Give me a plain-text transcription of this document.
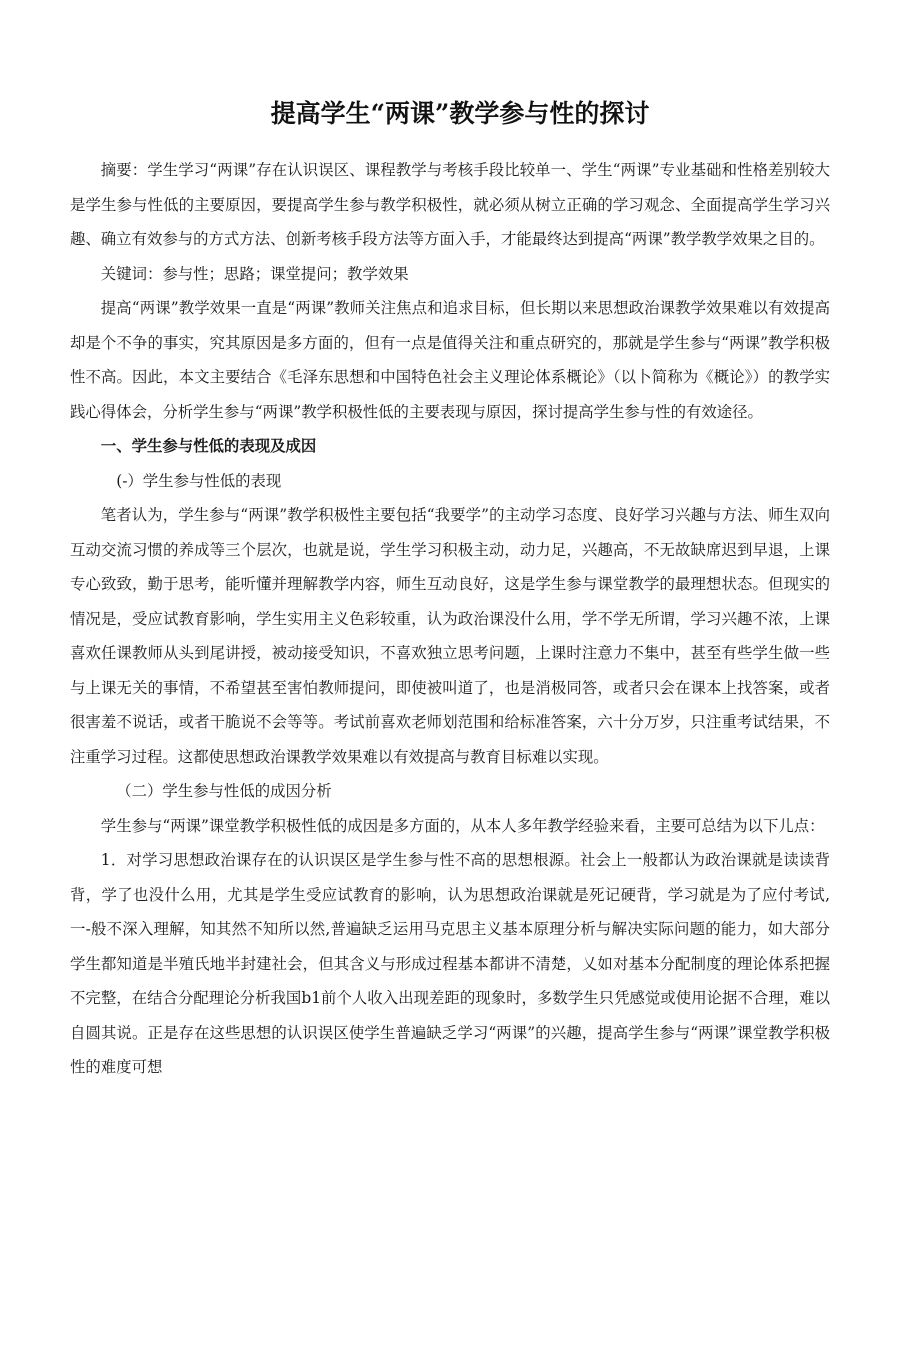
提高学生“两课”教学参与性的探讨

摘要：学生学习“两课”存在认识误区、课程教学与考核手段比较单一、学生“两课”专业基础和性格差别较大是学生参与性低的主要原因，要提高学生参与教学积极性，就必须从树立正确的学习观念、全面提高学生学习兴趣、确立有效参与的方式方法、创新考核手段方法等方面入手，才能最终达到提高“两课”教学教学效果之目的。

关键词：参与性；思路；课堂提问；教学效果

提高“两课”教学效果一直是“两课”教师关注焦点和追求目标，但长期以来思想政治课教学效果难以有效提高却是个不争的事实，究其原因是多方面的，但有一点是值得关注和重点研究的，那就是学生参与“两课”教学积极性不高。因此，本文主要结合《毛泽东思想和中国特色社会主义理论体系概论》（以卜简称为《概论》）的教学实践心得体会，分析学生参与“两课”教学积极性低的主要表现与原因，探讨提高学生参与性的有效途径。

一、学生参与性低的表现及成因

(-）学生参与性低的表现

笔者认为，学生参与“两课”教学积极性主要包括“我要学”的主动学习态度、良好学习兴趣与方法、师生双向互动交流习惯的养成等三个层次，也就是说，学生学习积极主动，动力足，兴趣高，不无故缺席迟到早退，上课专心致致，勤于思考，能听懂并理解教学内容，师生互动良好，这是学生参与课堂教学的最理想状态。但现实的情况是，受应试教育影响，学生实用主义色彩较重，认为政治课没什么用，学不学无所谓，学习兴趣不浓，上课喜欢任课教师从头到尾讲授，被动接受知识，不喜欢独立思考问题，上课时注意力不集中，甚至有些学生做一些与上课无关的事情，不希望甚至害怕教师提问，即使被叫道了，也是消极同答，或者只会在课本上找答案，或者很害羞不说话，或者干脆说不会等等。考试前喜欢老师划范围和给标准答案，六十分万岁，只注重考试结果，不注重学习过程。这都使思想政治课教学效果难以有效提高与教育目标难以实现。

（二）学生参与性低的成因分析

学生参与“两课”课堂教学积极性低的成因是多方面的，从本人多年教学经验来看，主要可总结为以下儿点：

1．对学习思想政治课存在的认识误区是学生参与性不高的思想根源。社会上一般都认为政治课就是读读背背，学了也没什么用，尤其是学生受应试教育的影响，认为思想政治课就是死记硬背，学习就是为了应付考试,一-般不深入理解，知其然不知所以然,普遍缺乏运用马克思主义基本原理分析与解决实际问题的能力，如大部分学生都知道是半殖氏地半封建社会，但其含义与形成过程基本都讲不清楚，乂如对基本分配制度的理论体系把握不完整，在结合分配理论分析我国b1前个人收入出现差距的现象时，多数学生只凭感觉或使用论据不合理，难以自圆其说。正是存在这些思想的认识误区使学生普遍缺乏学习“两课”的兴趣，提高学生参与“两课”课堂教学积极性的难度可想
